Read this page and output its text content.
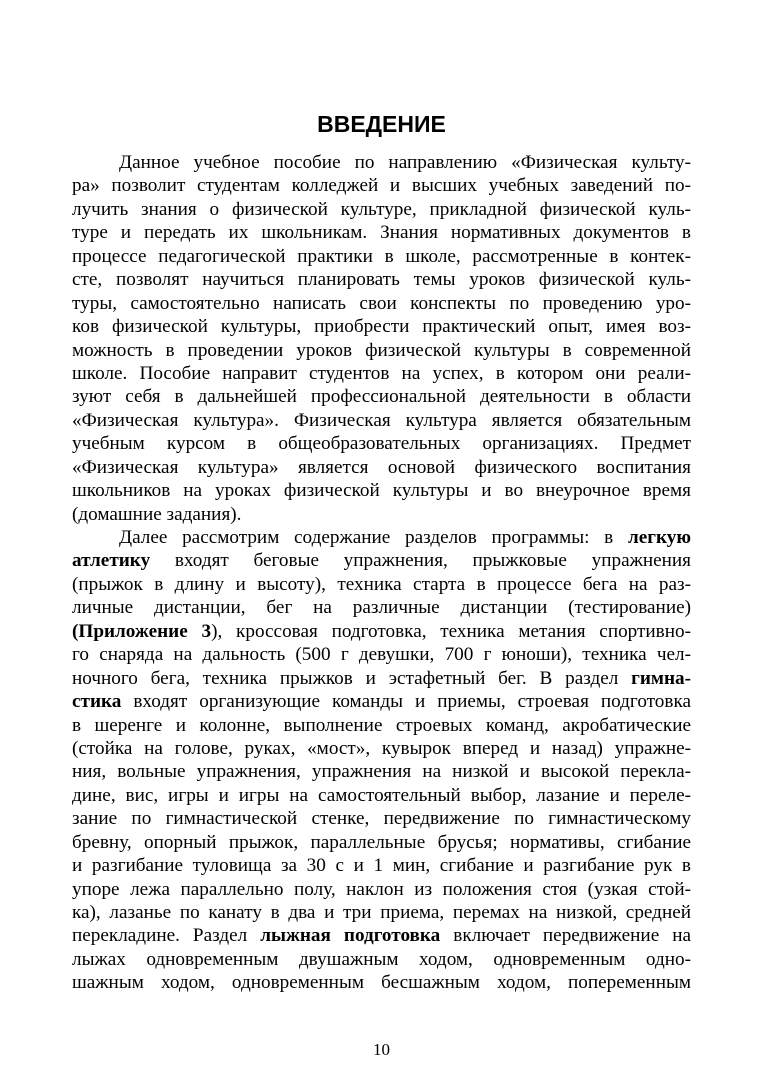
ВВЕДЕНИЕ
Данное учебное пособие по направлению «Физическая культу-
ра» позволит студентам колледжей и высших учебных заведений по-
лучить знания о физической культуре, прикладной физической куль-
туре и передать их школьникам. Знания нормативных документов в
процессе педагогической практики в школе, рассмотренные в контек-
сте, позволят научиться планировать темы уроков физической куль-
туры, самостоятельно написать свои конспекты по проведению уро-
ков физической культуры, приобрести практический опыт, имея воз-
можность в проведении уроков физической культуры в современной
школе. Пособие направит студентов на успех, в котором они реали-
зуют себя в дальнейшей профессиональной деятельности в области
«Физическая культура». Физическая культура является обязательным
учебным курсом в общеобразовательных организациях. Предмет
«Физическая культура» является основой физического воспитания
школьников на уроках физической культуры и во внеурочное время
(домашние задания).
Далее рассмотрим содержание разделов программы: в легкую
атлетику входят беговые упражнения, прыжковые упражнения
(прыжок в длину и высоту), техника старта в процессе бега на раз-
личные дистанции, бег на различные дистанции (тестирование)
(Приложение 3), кроссовая подготовка, техника метания спортивно-
го снаряда на дальность (500 г девушки, 700 г юноши), техника чел-
ночного бега, техника прыжков и эстафетный бег. В раздел гимна-
стика входят организующие команды и приемы, строевая подготовка
в шеренге и колонне, выполнение строевых команд, акробатические
(стойка на голове, руках, «мост», кувырок вперед и назад) упражне-
ния, вольные упражнения, упражнения на низкой и высокой перекла-
дине, вис, игры и игры на самостоятельный выбор, лазание и переле-
зание по гимнастической стенке, передвижение по гимнастическому
бревну, опорный прыжок, параллельные брусья; нормативы, сгибание
и разгибание туловища за 30 с и 1 мин, сгибание и разгибание рук в
упоре лежа параллельно полу, наклон из положения стоя (узкая стой-
ка), лазанье по канату в два и три приема, перемах на низкой, средней
перекладине. Раздел лыжная подготовка включает передвижение на
лыжах одновременным двушажным ходом, одновременным одно-
шажным ходом, одновременным бесшажным ходом, попеременным
10
